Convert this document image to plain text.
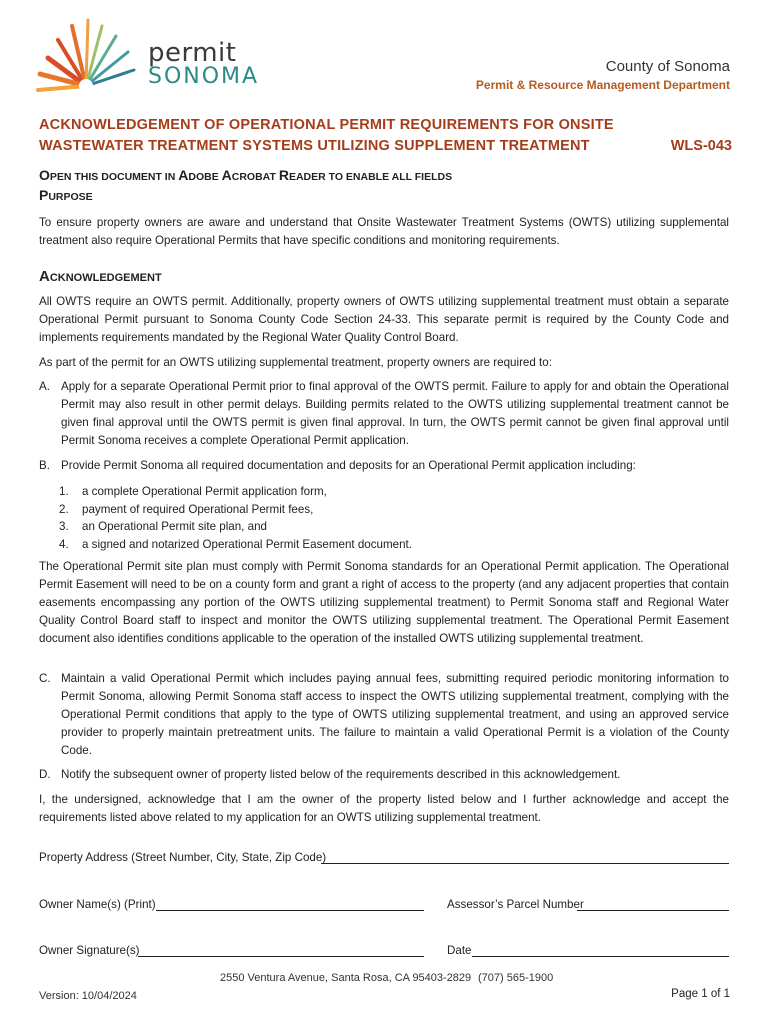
permit
SONOMA	County of Sonoma
Permit & Resource Management Department
ACKNOWLEDGEMENT OF OPERATIONAL PERMIT REQUIREMENTS FOR ONSITE
WASTEWATER TREATMENT SYSTEMS UTILIZING SUPPLEMENT TREATMENT	WLS-043
OPEN THIS DOCUMENT IN ADOBE ACROBAT READER TO ENABLE ALL FIELDS
PURPOSE
To ensure property owners are aware and understand that Onsite Wastewater Treatment Systems (OWTS) utilizing supplemental treatment also require Operational Permits that have specific conditions and monitoring requirements.
ACKNOWLEDGEMENT
All OWTS require an OWTS permit. Additionally, property owners of OWTS utilizing supplemental treatment must obtain a separate Operational Permit pursuant to Sonoma County Code Section 24-33. This separate permit is required by the County Code and implements requirements mandated by the Regional Water Quality Control Board.
As part of the permit for an OWTS utilizing supplemental treatment, property owners are required to:
A. Apply for a separate Operational Permit prior to final approval of the OWTS permit. Failure to apply for and obtain the Operational Permit may also result in other permit delays. Building permits related to the OWTS utilizing supplemental treatment cannot be given final approval until the OWTS permit is given final approval. In turn, the OWTS permit cannot be given final approval until Permit Sonoma receives a complete Operational Permit application.
B. Provide Permit Sonoma all required documentation and deposits for an Operational Permit application including:
1. a complete Operational Permit application form,
2. payment of required Operational Permit fees,
3. an Operational Permit site plan, and
4. a signed and notarized Operational Permit Easement document.
The Operational Permit site plan must comply with Permit Sonoma standards for an Operational Permit application. The Operational Permit Easement will need to be on a county form and grant a right of access to the property (and any adjacent properties that contain easements encompassing any portion of the OWTS utilizing supplemental treatment) to Permit Sonoma staff and Regional Water Quality Control Board staff to inspect and monitor the OWTS utilizing supplemental treatment. The Operational Permit Easement document also identifies conditions applicable to the operation of the installed OWTS utilizing supplemental treatment.
C. Maintain a valid Operational Permit which includes paying annual fees, submitting required periodic monitoring information to Permit Sonoma, allowing Permit Sonoma staff access to inspect the OWTS utilizing supplemental treatment, complying with the Operational Permit conditions that apply to the type of OWTS utilizing supplemental treatment, and using an approved service provider to properly maintain pretreatment units. The failure to maintain a valid Operational Permit is a violation of the County Code.
D. Notify the subsequent owner of property listed below of the requirements described in this acknowledgement.
I, the undersigned, acknowledge that I am the owner of the property listed below and I further acknowledge and accept the requirements listed above related to my application for an OWTS utilizing supplemental treatment.
Property Address (Street Number, City, State, Zip Code)
Owner Name(s) (Print)	Assessor’s Parcel Number
Owner Signature(s)	Date
2550 Ventura Avenue, Santa Rosa, CA 95403-2829 (707) 565-1900
Version: 10/04/2024	Page 1 of 1
